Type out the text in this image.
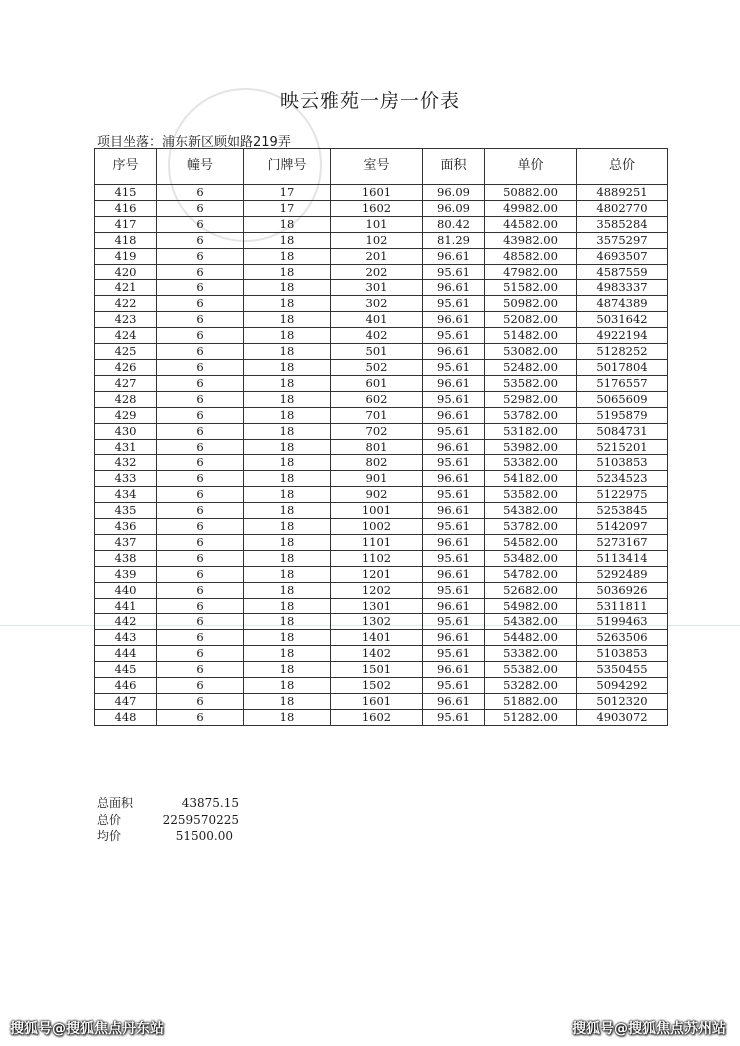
映云雅苑一房一价表
项目坐落：浦东新区顾如路219弄
序号	幢号	门牌号	室号	面积	单价	总价
415	6	17	1601	96.09	50882.00	4889251
416	6	17	1602	96.09	49982.00	4802770
417	6	18	101	80.42	44582.00	3585284
418	6	18	102	81.29	43982.00	3575297
419	6	18	201	96.61	48582.00	4693507
420	6	18	202	95.61	47982.00	4587559
421	6	18	301	96.61	51582.00	4983337
422	6	18	302	95.61	50982.00	4874389
423	6	18	401	96.61	52082.00	5031642
424	6	18	402	95.61	51482.00	4922194
425	6	18	501	96.61	53082.00	5128252
426	6	18	502	95.61	52482.00	5017804
427	6	18	601	96.61	53582.00	5176557
428	6	18	602	95.61	52982.00	5065609
429	6	18	701	96.61	53782.00	5195879
430	6	18	702	95.61	53182.00	5084731
431	6	18	801	96.61	53982.00	5215201
432	6	18	802	95.61	53382.00	5103853
433	6	18	901	96.61	54182.00	5234523
434	6	18	902	95.61	53582.00	5122975
435	6	18	1001	96.61	54382.00	5253845
436	6	18	1002	95.61	53782.00	5142097
437	6	18	1101	96.61	54582.00	5273167
438	6	18	1102	95.61	53482.00	5113414
439	6	18	1201	96.61	54782.00	5292489
440	6	18	1202	95.61	52682.00	5036926
441	6	18	1301	96.61	54982.00	5311811
442	6	18	1302	95.61	54382.00	5199463
443	6	18	1401	96.61	54482.00	5263506
444	6	18	1402	95.61	53382.00	5103853
445	6	18	1501	96.61	55382.00	5350455
446	6	18	1502	95.61	53282.00	5094292
447	6	18	1601	96.61	51882.00	5012320
448	6	18	1602	95.61	51282.00	4903072
总面积	43875.15
总价	2259570225
均价	51500.00
搜狐号@搜狐焦点丹东站	搜狐号@搜狐焦点苏州站
